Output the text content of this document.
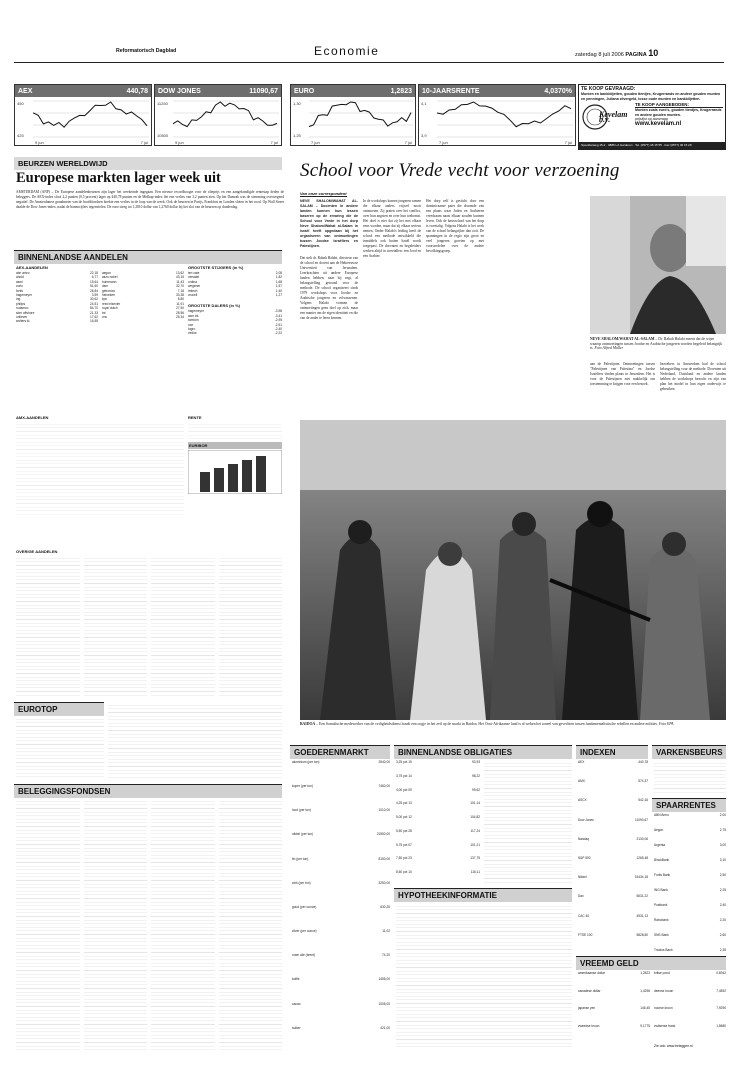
Reformatorisch Dagblad	Economie	zaterdag 8 juli 2006 PAGINA 10
AEX	440,78
450
425
9 jun	7 jul
DOW JONES	11090,67
11250
10500
9 jun	7 jul
EURO	1,2823
1,30
1,25
7 jun	7 jul
10-JAARSRENTE	4,0370%
4,1
3,9
7 jun	7 jul
TE KOOP GEVRAAGD:
Munten en bankbiljetten, gouden tientjes, Krugerrands en andere gouden munten en penningen, Juliana zilvergeld, losse oude munten en bankbiljetten.
Kevelam b.v.
TE KOOP AANGEBODEN:
Munten zoals euro's, gouden tientjes, Krugerrands en andere gouden munten.
prijslijst op aanvraag
www.kevelam.nl
Spoolderweg 15-2 · 3886 LA Garderen · Tel. (0577) 46 15 55 · Fax (0577) 46 15 29
BEURZEN WERELDWIJD
Europese markten lager week uit
AMSTERDAM (ANP) – De Europese aandelenbeurzen zijn lager het weekeinde ingegaan. Een nieuwe recordhoogte voor de olieprijs en een aangekondigde rentestap deden de beleggers. De AEX-index sloot 2,2 punten (0,5 procent) lager op 440,78 punten en de Midkap-index liet een verlies van 3,2 punten zien. Op het Damrak was de stemming overwegend negatief. De Amsterdamse graadmeter van de hoofdfondsen boekte een verlies in de loop van de week. Ook de beurzen in Parijs, Frankfurt en Londen sloten in het rood. Op Wall Street daalde de Dow Jones-index, nadat de banencijfers tegenvielen. De euro steeg tot 1,2810 dollar van 1,2760 dollar bij het slot van de beurzen op donderdag.
School voor Vrede vecht voor verzoening
Van onze correspondent
NEVE SHALOM/WAHAT AL-SALAM – Docenten in andere landen kunnen hun lessen baseren op de ervaring die de School voor Vrede in het dorp Neve Shalom/Wahat al-Salam in Israël heeft opgedaan bij het organiseren van ontmoetingen tussen Joodse Israëliers en Palestijnen.
Dat stelt dr. Rabah Halabi, directeur van de school en docent aan de Hebreeuwse Universiteit van Jeruzalem. Leerkrachten uit andere Europese landen hebben, naar hij zegt, al belangstelling getoond voor de methode. De school organiseert sinds 1979 workshops voor Joodse en Arabische jongeren en volwassenen. Volgens Halabi vormen de ontmoetingen geen doel op zich, maar een manier om de eigen identiteit en die van de ander te leren kennen.
In de workshops komen jongeren samen die elkaar anders vrijwel nooit ontmoeten. Zij praten over het conflict, over hun angsten en over hun toekomst. Het doel is niet dat zij het met elkaar eens worden, maar dat zij elkaar serieus nemen. Onder Halabi's leiding heeft de school een methode ontwikkeld die inmiddels ook buiten Israël wordt toegepast. De docenten en begeleiders werken altijd in tweetallen: een Jood en een Arabier.
Het dorp zelf is gesticht door een dominicaanse pater die droomde van een plaats waar Joden en Arabieren vreedzaam naast elkaar zouden kunnen leven. Ook de basisschool van het dorp is tweetalig. Volgens Halabi is het werk van de school belangrijker dan ooit. De spanningen in de regio zijn groot en veel jongeren groeien op met vooroordelen over de andere bevolkingsgroep.
NEVE SHALOM/WAHAT AL-SALAM – Dr. Rabah Halabi meent dat de wijze waarop ontmoetingen tussen Joodse en Arabische jongeren worden begeleid belangrijk is. Foto Alfred Muller
aan de Palestijnen. Ontmoetingen tussen "Palestijnen van Palestina" en Joodse Israëliers vinden plaats in Jeruzalem. Het is voor de Palestijnen niet makkelijk om toestemming te krijgen voor een bezoek.
bezoekers in Amsterdam had de school belangstelling voor de methode. Docenten uit Nederland, Duitsland en andere landen hebben de workshops bezocht en zijn van plan het model in hun eigen onderwijs te gebruiken.
BAIDOA – Een Somalische medewerker van de veiligheidsdienst houdt een oogje in het zeil op de markt in Baidoa. Het Oost-Afrikaanse land is al weken het toneel van gevechten tussen fundamentalistische rebellen en andere milities. Foto EPA
BINNENLANDSE AANDELEN
AEX-AANDELEN
abn amro	22,18 aegon	13,62
ahold	6,77 akzo nobel	43,15
asml	15,64 buhrmann	11,43
corio	51,60 dsm	32,70
fortis	26,84 getronics	7,18
hagemeyer	3,59 heineken	33,38
ing	30,62 kpn	8,80
philips	24,51 reed elsevier	11,91
rodamco	84,70 royal dutch	27,50
sbm offshore	21,33 tnt	28,56
unilever	17,62 vnu	25,34
wolters kl.	16,55
GROOTSTE STIJGERS (in %)
ten cate	2,08
versatel	1,82
ordina	1,68
wegener	1,57
imtech	1,40
crucell	1,27
GROOTSTE DALERS (in %)
hagemeyer	-3,98
asm int.	-3,41
tomtom	-2,95
oce	-2,51
fugro	-2,40
vedior	-2,22
AMX-AANDELEN	RENTE
EURIBOR
OVERIGE AANDELEN
EUROTOP
BELEGGINGSFONDSEN
GOEDERENMARKT
aluminium (per ton)	2540,00
koper (per ton)	7460,00
lood (per ton)	1010,00
nikkel (per ton)	21550,00
tin (per ton)	8150,00
zink (per ton)	3250,00
goud (per ounce)	630,25
zilver (per ounce)	11,02
ruwe olie (brent)	74,20
koffie	1455,00
cacao	1005,00
suiker	421,00
BINNENLANDSE OBLIGATIES
3,25 pct 15	93,93
3,75 pct 14	98,22
4,00 pct 09	99,62
4,25 pct 13	101,14
5,00 pct 12	104,82
5,50 pct 28	117,24
5,75 pct 07	101,21
7,50 pct 23	137,75
8,50 pct 10	116,11
HYPOTHEEKINFORMATIE
INDEXEN
AEX	440,78
AMX	574,37
ASCX	542,16
Dow Jones	11090,67
Nasdaq	2130,06
S&P 500	1265,48
Nikkei	15434,18
Dax	5631,22
CAC 40	4931,13
FTSE 100	5828,80
VARKENSBEURS
SPAARRENTES
ABN Amro	2,00
Aegon	2,75
Argenta	3,00
BinckBank	3,10
Fortis Bank	2,50
ING Bank	2,25
Postbank	2,40
Rabobank	2,20
SNS Bank	2,60
Triodos Bank	2,35
VREEMD GELD
amerikaanse dollar	1,2823 britse pond	0,6942
canadese dollar	1,4296 deense kroon	7,4592
japanse yen	146,45 noorse kroon	7,9290
zweedse kroon	9,1775 zwitserse frank	1,5680
Zie ook: www.beleggen.nl
